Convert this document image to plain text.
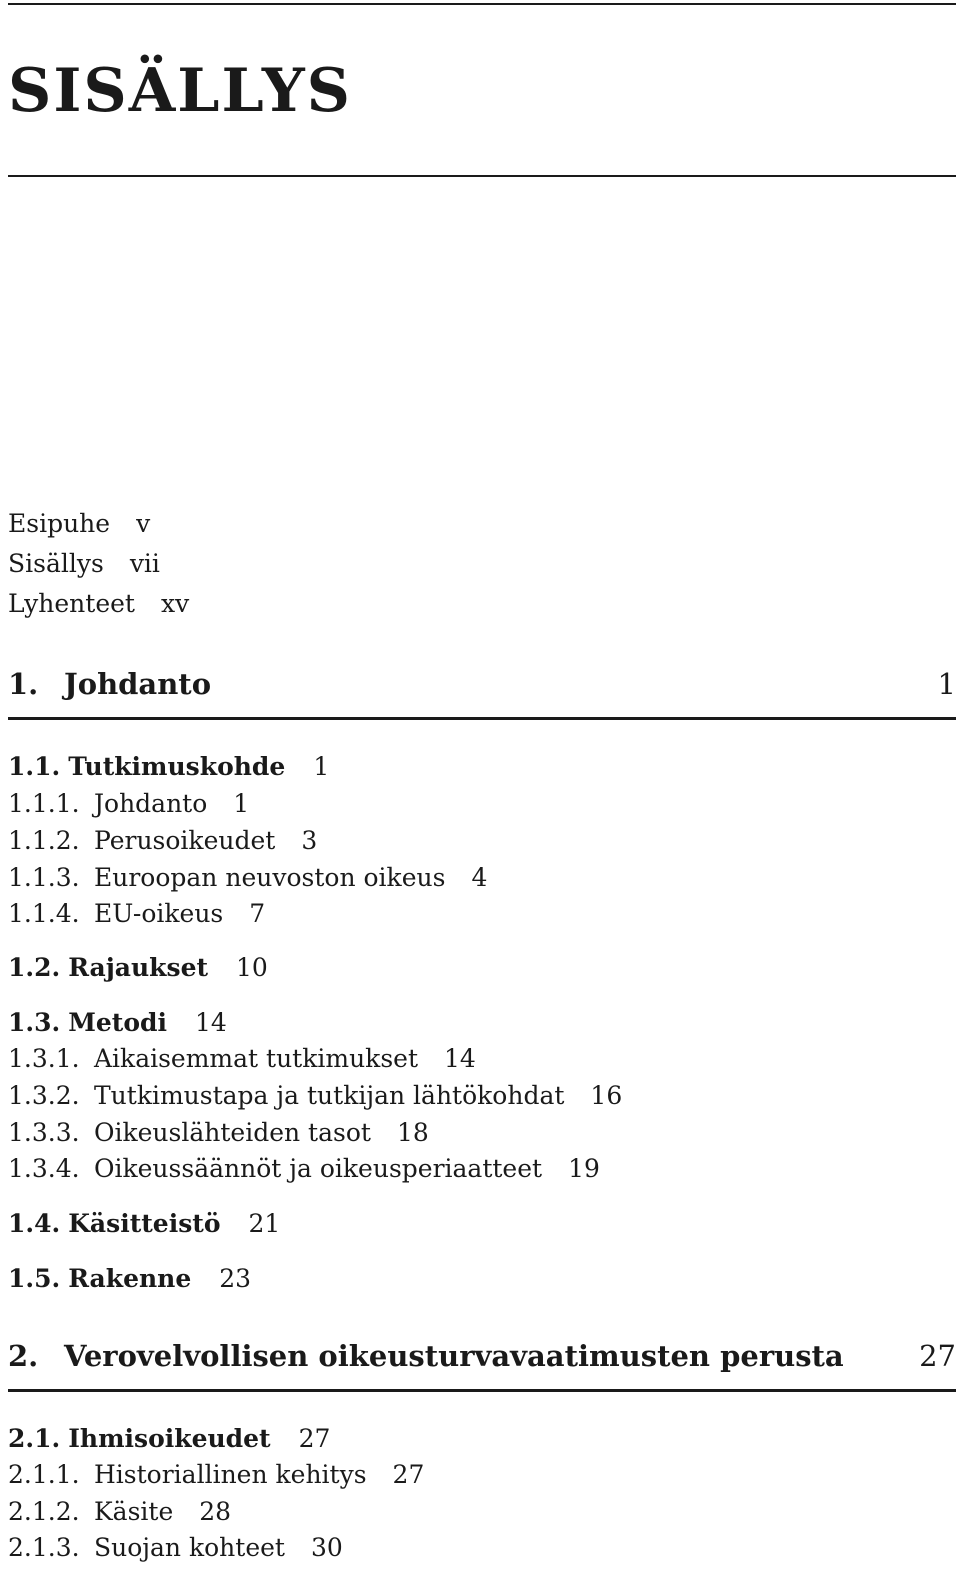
SISÄLLYS
Esipuhe v
Sisällys vii
Lyhenteet xv
1. Johdanto	1
1.1. Tutkimuskohde 1
1.1.1. Johdanto 1
1.1.2. Perusoikeudet 3
1.1.3. Euroopan neuvoston oikeus 4
1.1.4. EU-oikeus 7
1.2. Rajaukset 10
1.3. Metodi 14
1.3.1. Aikaisemmat tutkimukset 14
1.3.2. Tutkimustapa ja tutkijan lähtökohdat 16
1.3.3. Oikeuslähteiden tasot 18
1.3.4. Oikeussäännöt ja oikeusperiaatteet 19
1.4. Käsitteistö 21
1.5. Rakenne 23
2. Verovelvollisen oikeusturvavaatimusten perusta	27
2.1. Ihmisoikeudet 27
2.1.1. Historiallinen kehitys 27
2.1.2. Käsite 28
2.1.3. Suojan kohteet 30
